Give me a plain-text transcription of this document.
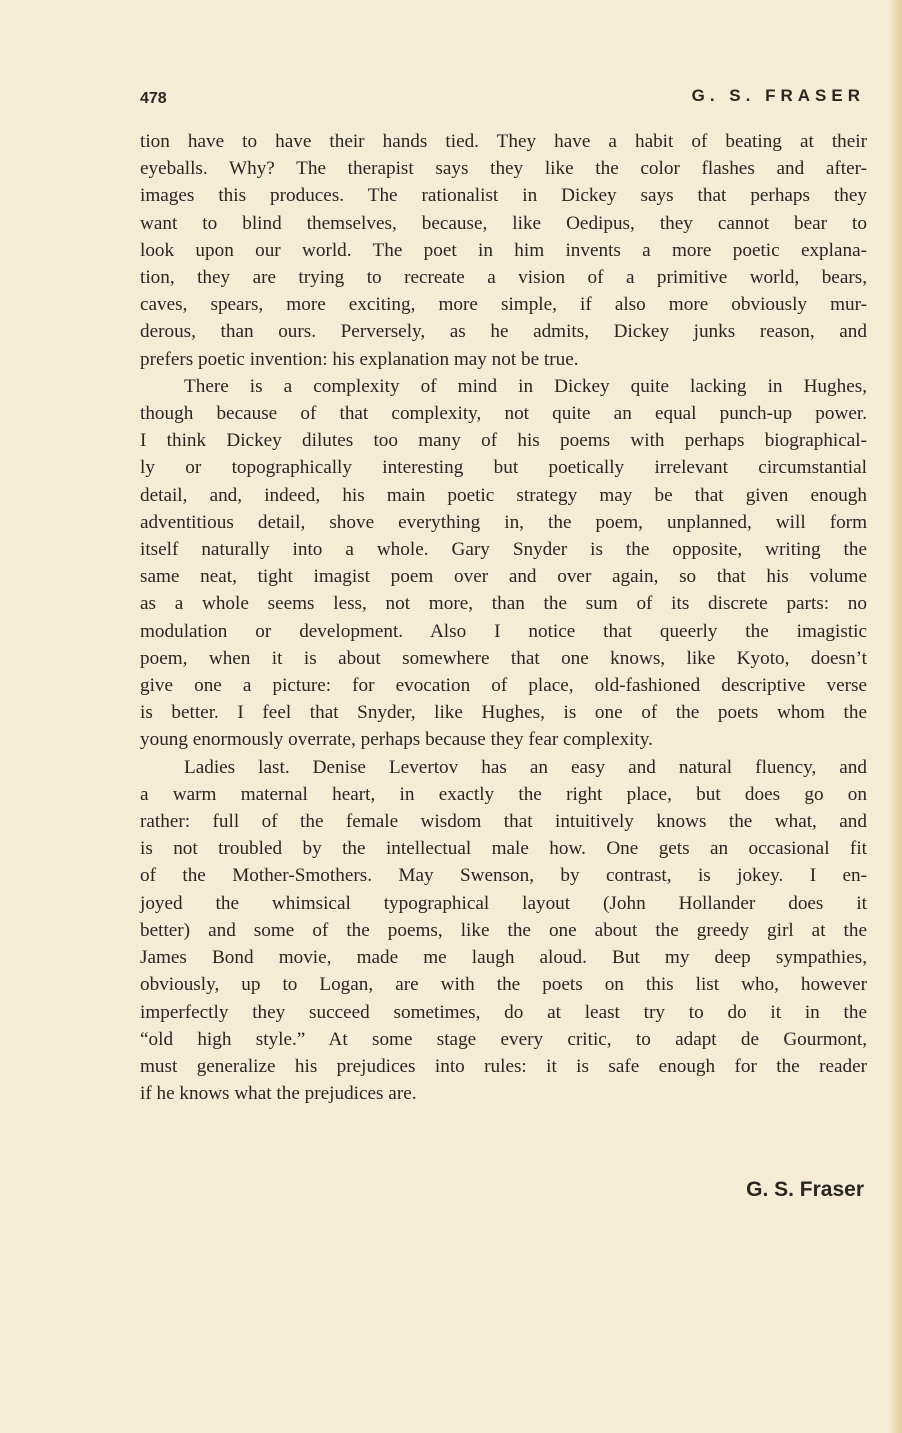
478	G. S. FRASER
tion have to have their hands tied. They have a habit of beating at their
eyeballs. Why? The therapist says they like the color flashes and after-
images this produces. The rationalist in Dickey says that perhaps they
want to blind themselves, because, like Oedipus, they cannot bear to
look upon our world. The poet in him invents a more poetic explana-
tion, they are trying to recreate a vision of a primitive world, bears,
caves, spears, more exciting, more simple, if also more obviously mur-
derous, than ours. Perversely, as he admits, Dickey junks reason, and
prefers poetic invention: his explanation may not be true.
There is a complexity of mind in Dickey quite lacking in Hughes,
though because of that complexity, not quite an equal punch-up power.
I think Dickey dilutes too many of his poems with perhaps biographical-
ly or topographically interesting but poetically irrelevant circumstantial
detail, and, indeed, his main poetic strategy may be that given enough
adventitious detail, shove everything in, the poem, unplanned, will form
itself naturally into a whole. Gary Snyder is the opposite, writing the
same neat, tight imagist poem over and over again, so that his volume
as a whole seems less, not more, than the sum of its discrete parts: no
modulation or development. Also I notice that queerly the imagistic
poem, when it is about somewhere that one knows, like Kyoto, doesn’t
give one a picture: for evocation of place, old-fashioned descriptive verse
is better. I feel that Snyder, like Hughes, is one of the poets whom the
young enormously overrate, perhaps because they fear complexity.
Ladies last. Denise Levertov has an easy and natural fluency, and
a warm maternal heart, in exactly the right place, but does go on
rather: full of the female wisdom that intuitively knows the what, and
is not troubled by the intellectual male how. One gets an occasional fit
of the Mother-Smothers. May Swenson, by contrast, is jokey. I en-
joyed the whimsical typographical layout (John Hollander does it
better) and some of the poems, like the one about the greedy girl at the
James Bond movie, made me laugh aloud. But my deep sympathies,
obviously, up to Logan, are with the poets on this list who, however
imperfectly they succeed sometimes, do at least try to do it in the
“old high style.” At some stage every critic, to adapt de Gourmont,
must generalize his prejudices into rules: it is safe enough for the reader
if he knows what the prejudices are.
G. S. Fraser
